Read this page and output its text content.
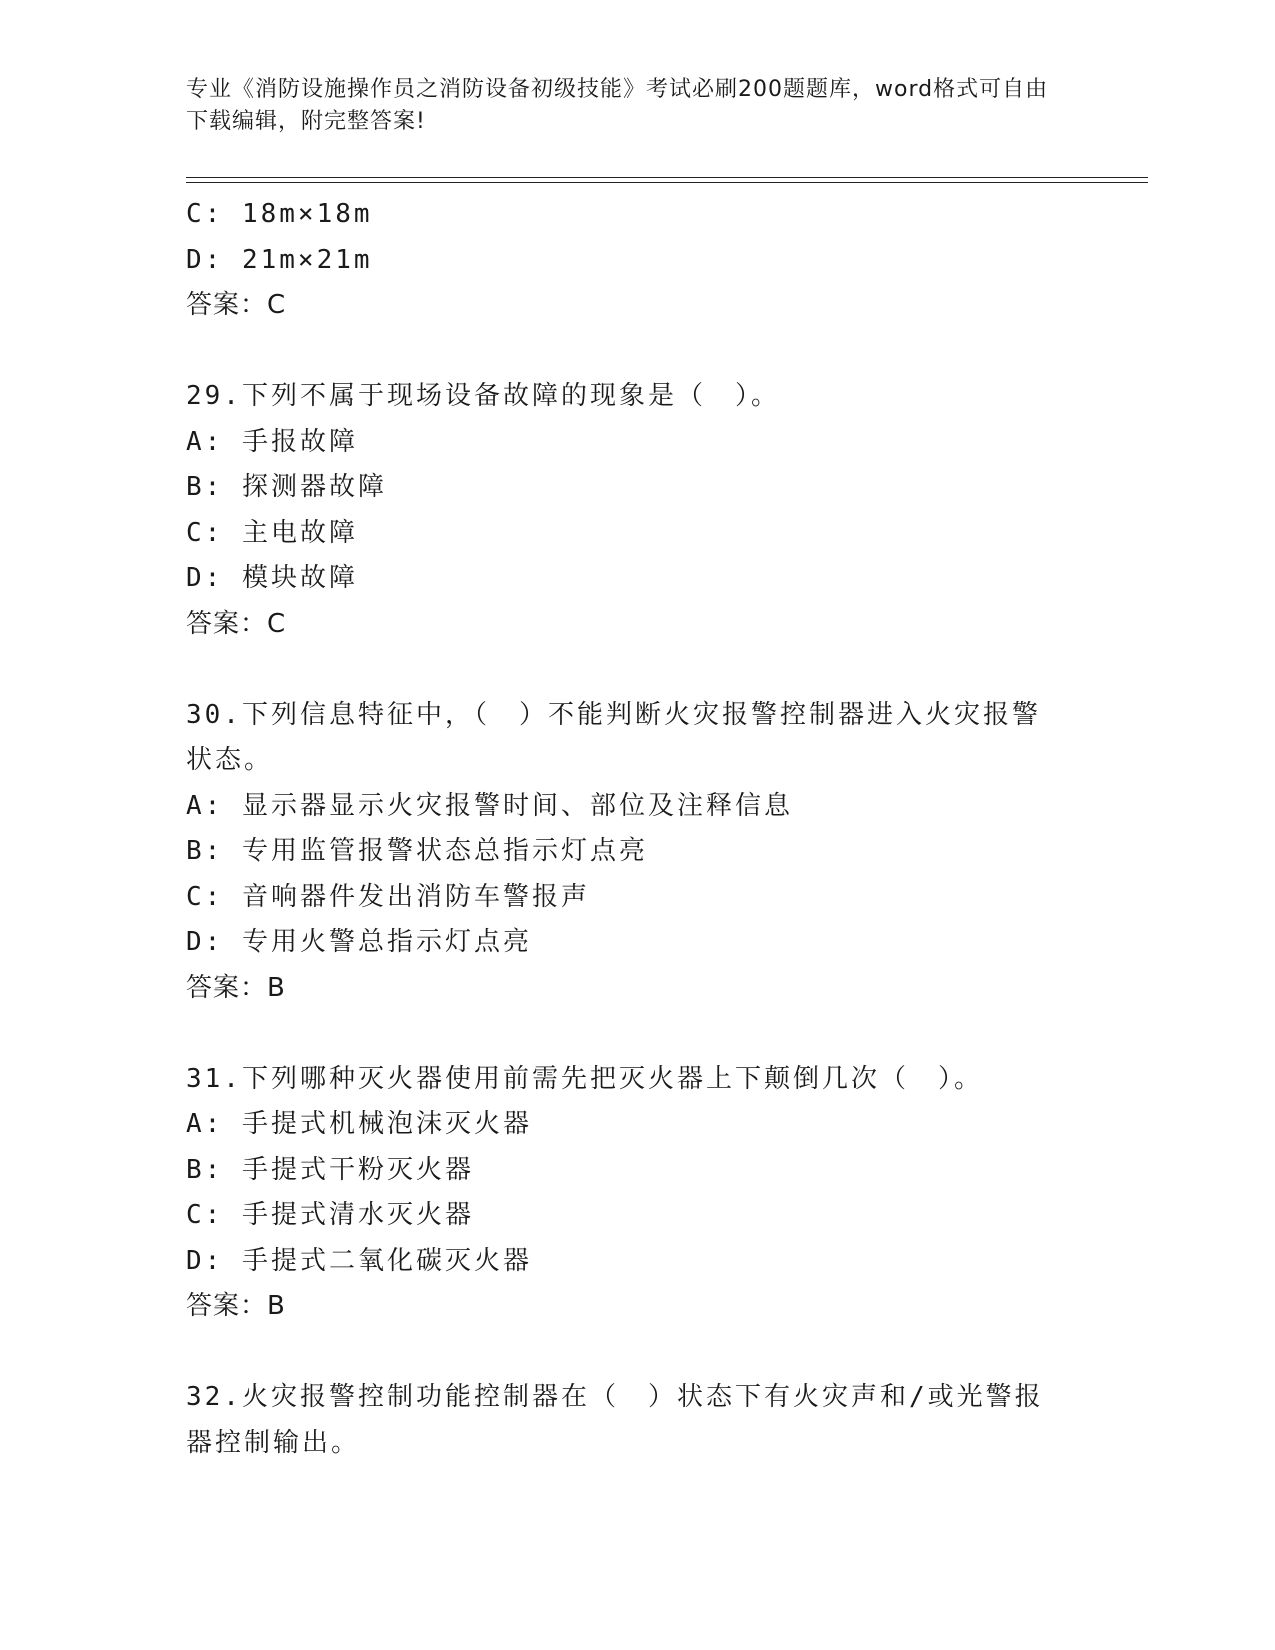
专业《消防设施操作员之消防设备初级技能》考试必刷200题题库，word格式可自由下载编辑，附完整答案!
C: 18m×18m
D: 21m×21m
答案：C
29.下列不属于现场设备故障的现象是（　）。
A: 手报故障
B: 探测器故障
C: 主电故障
D: 模块故障
答案：C
30.下列信息特征中，（　）不能判断火灾报警控制器进入火灾报警状态。
A: 显示器显示火灾报警时间、部位及注释信息
B: 专用监管报警状态总指示灯点亮
C: 音响器件发出消防车警报声
D: 专用火警总指示灯点亮
答案：B
31.下列哪种灭火器使用前需先把灭火器上下颠倒几次（　）。
A: 手提式机械泡沫灭火器
B: 手提式干粉灭火器
C: 手提式清水灭火器
D: 手提式二氧化碳灭火器
答案：B
32.火灾报警控制功能控制器在（　）状态下有火灾声和/或光警报器控制输出。
